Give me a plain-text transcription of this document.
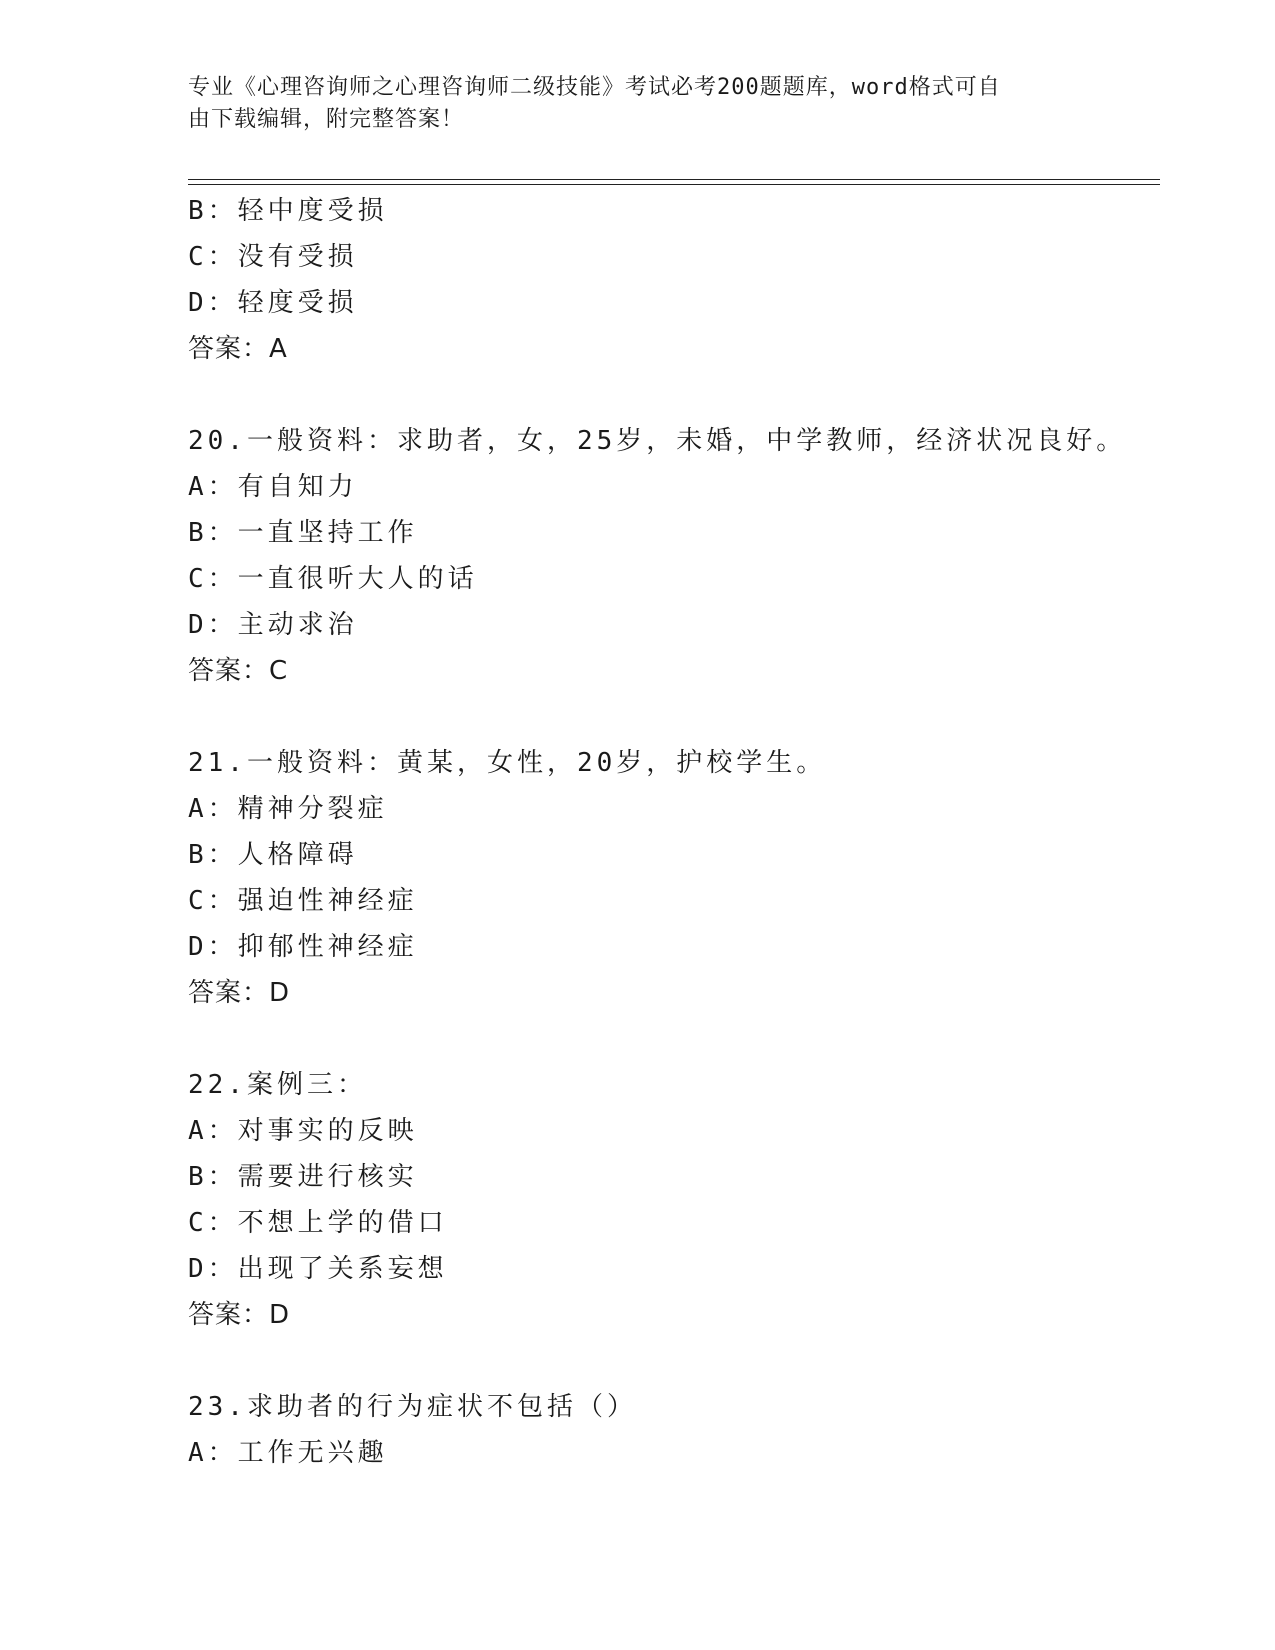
专业《心理咨询师之心理咨询师二级技能》考试必考200题题库，word格式可自
由下载编辑，附完整答案！
B：轻中度受损
C：没有受损
D：轻度受损
答案：A
20.一般资料：求助者，女，25岁，未婚，中学教师，经济状况良好。
A：有自知力
B：一直坚持工作
C：一直很听大人的话
D：主动求治
答案：C
21.一般资料：黄某，女性，20岁，护校学生。
A：精神分裂症
B：人格障碍
C：强迫性神经症
D：抑郁性神经症
答案：D
22.案例三：
A：对事实的反映
B：需要进行核实
C：不想上学的借口
D：出现了关系妄想
答案：D
23.求助者的行为症状不包括（）
A：工作无兴趣
